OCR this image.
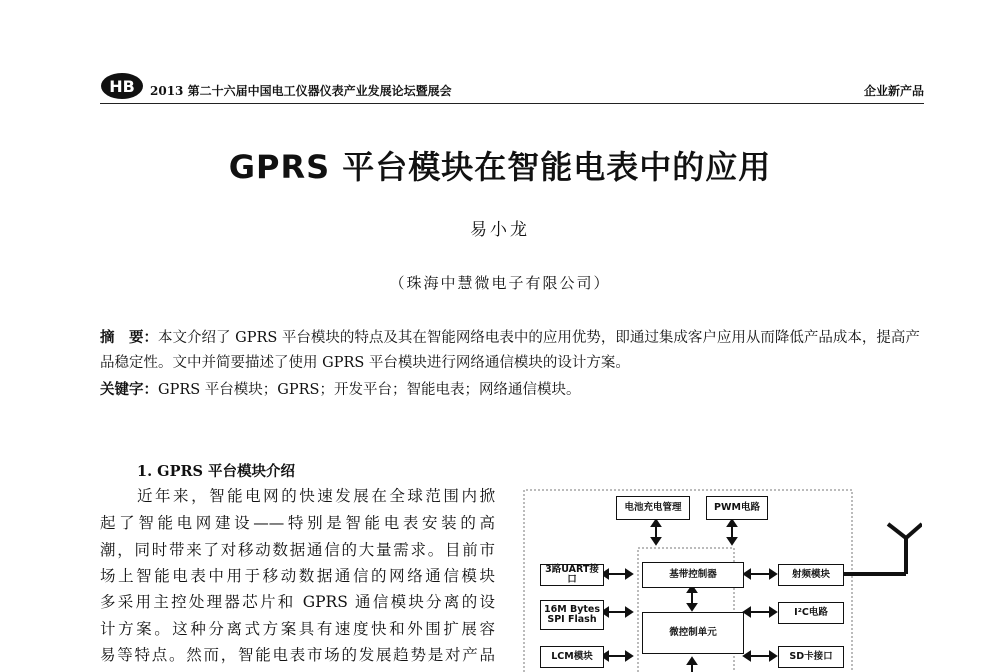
HB 2013 第二十六届中国电工仪器仪表产业发展论坛暨展会	企业新产品
GPRS 平台模块在智能电表中的应用
易小龙
（珠海中慧微电子有限公司）
摘　要：本文介绍了 GPRS 平台模块的特点及其在智能网络电表中的应用优势，即通过集成客户应用从而降低产品成本，提高产品稳定性。文中并简要描述了使用 GPRS 平台模块进行网络通信模块的设计方案。
关键字：GPRS 平台模块；GPRS；开发平台；智能电表；网络通信模块。
1. GPRS 平台模块介绍
近年来，智能电网的快速发展在全球范围内掀
起了智能电网建设——特别是智能电表安装的高
潮，同时带来了对移动数据通信的大量需求。目前市
场上智能电表中用于移动数据通信的网络通信模块
多采用主控处理器芯片和 GPRS 通信模块分离的设
计方案。这种分离式方案具有速度快和外围扩展容
易等特点。然而，智能电表市场的发展趋势是对产品
电池充电管理	PWM电路
3路UART接口	基带控制器	射频模块
16M Bytes
SPI Flash
微控制单元
I²C电路
LCM模块	SD卡接口
